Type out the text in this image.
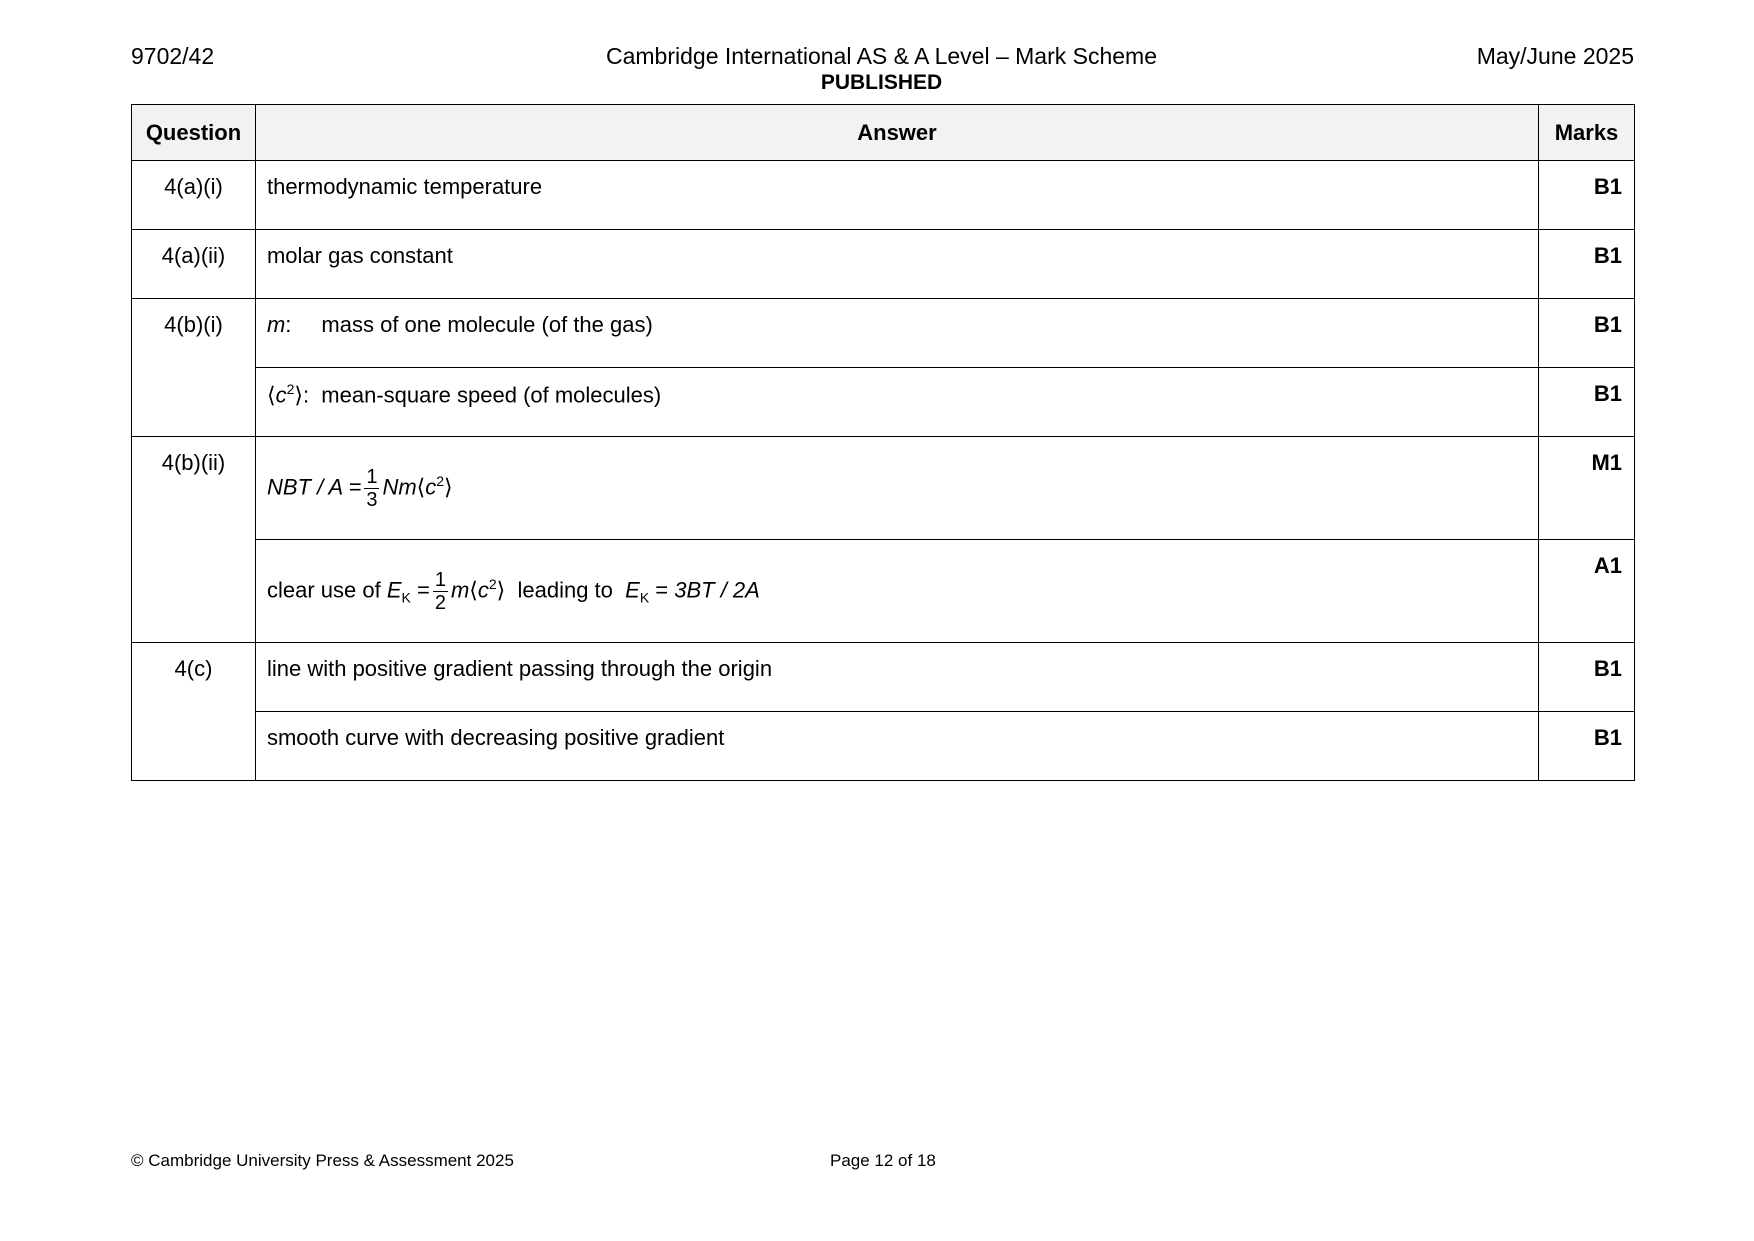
9702/42	Cambridge International AS & A Level – Mark Scheme
PUBLISHED
May/June 2025
Question	Answer	Marks
4(a)(i)	thermodynamic temperature	B1
4(a)(ii)	molar gas constant	B1
4(b)(i)	m: mass of one molecule (of the gas)	B1
	$⟨c^2⟩$:  mean-square speed (of molecules)	B1
4(b)(ii)	NBT / $A = \frac{1}{3}$ $Nm⟨c^2⟩$	M1
	clear use of $E_K = \frac{1}{2}$ $m⟨c^2⟩$  leading to $E_K = 3BT / 2A$	A1
4(c)	line with positive gradient passing through the origin	B1
	smooth curve with decreasing positive gradient	B1
© Cambridge University Press & Assessment 2025	Page 12 of 18
